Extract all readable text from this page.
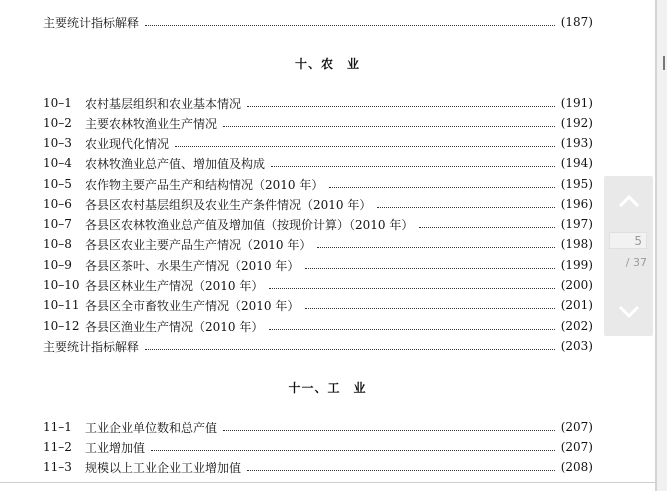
主要统计指标解释	(187)
十、农　业
10–1	农村基层组织和农业基本情况	(191)
10–2	主要农林牧渔业生产情况	(192)
10–3	农业现代化情况	(193)
10–4	农林牧渔业总产值、增加值及构成	(194)
10–5	农作物主要产品生产和结构情况（2010 年）	(195)
10–6	各县区农村基层组织及农业生产条件情况（2010 年）	(196)
10–7	各县区农林牧渔业总产值及增加值（按现价计算）（2010 年）	(197)
10–8	各县区农业主要产品生产情况（2010 年）	(198)
10–9	各县区茶叶、水果生产情况（2010 年）	(199)
10–10 各县区林业生产情况（2010 年）	(200)
10–11 各县区全市畜牧业生产情况（2010 年）	(201)
10–12 各县区渔业生产情况（2010 年）	(202)
主要统计指标解释	(203)
十一、工　业
11–1	工业企业单位数和总产值	(207)
11–2	工业增加值	(207)
11–3	规模以上工业企业工业增加值	(208)
5
/ 37
